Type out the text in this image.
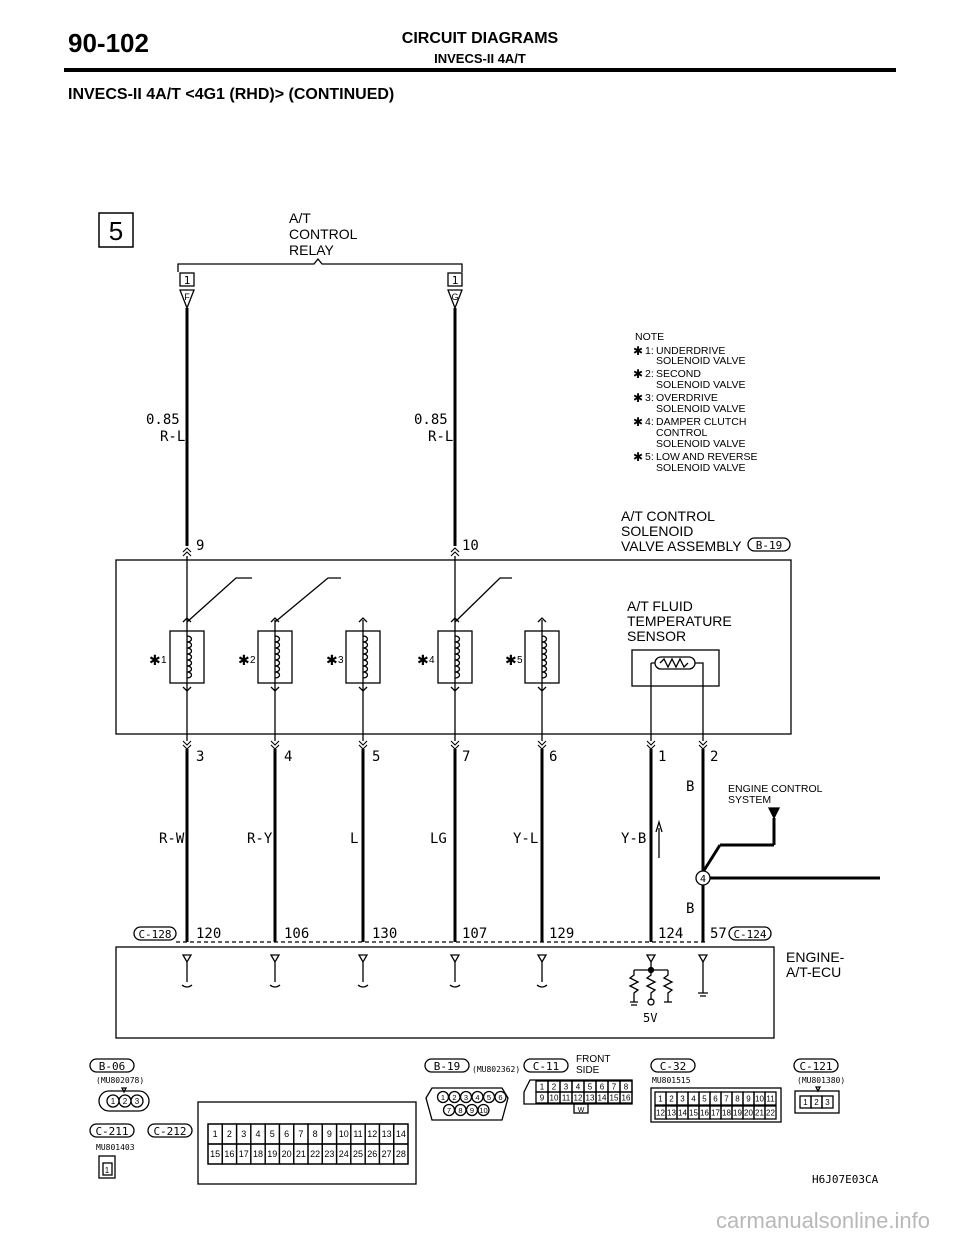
90-102	CIRCUIT DIAGRAMS
INVECS-II 4A/T
INVECS-II 4A/T <4G1 (RHD)> (CONTINUED)
5	A/T
CONTROL
RELAY
1
F
1
G
0.85
R-L
0.85
R-L
NOTE
✱ 1: UNDERDRIVE
SOLENOID VALVE
✱ 2: SECOND
SOLENOID VALVE
✱ 3: OVERDRIVE
SOLENOID VALVE
✱ 4: DAMPER CLUTCH
CONTROL
SOLENOID VALVE
✱ 5: LOW AND REVERSE
SOLENOID VALVE
A/T CONTROL
SOLENOID
VALVE ASSEMBLY B-19
9	10
✱ 1	✱ 2	✱ 3	✱ 4	✱ 5
A/T FLUID
TEMPERATURE
SENSOR
3	4	5	7	6	1	2
R-W	R-Y	L	LG	Y-L	Y-B
B
B
ENGINE CONTROL
SYSTEM
4
C-128	C-124
120	106	130	107	129	124 57
ENGINE-
A/T-ECU
5V
B-06
(MU802078)
1 2 3
C-211
MU801403
1
C-212	1 2 3 4 5 6 7 8 9 10 11 12 13 14
15 16 17 18 19 20 21 22 23 24 25 26 27 28
B-19 (MU802362)
1 2 3 4 5 6
7 8 9 10
C-11
FRONT
SIDE
W
1 2 3 4 5 6 7 8
9 10 11 12 13 14 15 16
C-32
MU801515
1 2 3 4 5 6 7 8 9 10 11
12 13 14 15 16 17 18 19 20 21 22
C-121
(MU801380)
1 2 3
H6J07E03CA
carmanualsonline.info
